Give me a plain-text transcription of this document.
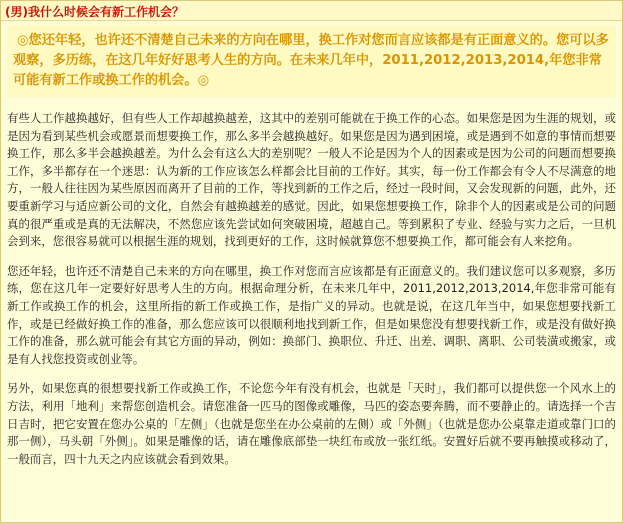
(男)我什么时候会有新工作机会？
◎您还年轻，也许还不清楚自己未来的方向在哪里，换工作对您而言应该都是有正面意义的。您可以多观察，多历练，在这几年好好思考人生的方向。在未来几年中，2011,2012,2013,2014,年您非常可能有新工作或换工作的机会。◎

有些人工作越换越好，但有些人工作却越换越差，这其中的差别可能就在于换工作的心态。如果您是因为生涯的规划，或是因为看到某些机会或愿景而想要换工作，那么多半会越换越好。如果您是因为遇到困境，或是遇到不如意的事情而想要换工作，那么多半会越换越差。为什么会有这么大的差别呢？一般人不论是因为个人的因素或是因为公司的问题而想要换工作，多半都存在一个迷思：认为新的工作应该怎么样都会比目前的工作好。其实，每一份工作都会有令人不尽满意的地方，一般人往往因为某些原因而离开了目前的工作，等找到新的工作之后，经过一段时间，又会发现新的问题，此外，还要重新学习与适应新公司的文化，自然会有越换越差的感觉。因此，如果您想要换工作，除非个人的因素或是公司的问题真的很严重或是真的无法解决，不然您应该先尝试如何突破困境，超越自己。等到累积了专业、经验与实力之后，一旦机会到来，您很容易就可以根据生涯的规划，找到更好的工作，这时候就算您不想要换工作，都可能会有人来挖角。

您还年轻，也许还不清楚自己未来的方向在哪里，换工作对您而言应该都是有正面意义的。我们建议您可以多观察，多历练，您在这几年一定要好好思考人生的方向。根据命理分析，在未来几年中，2011,2012,2013,2014,年您非常可能有新工作或换工作的机会，这里所指的新工作或换工作，是指广义的异动。也就是说，在这几年当中，如果您想要找新工作，或是已经做好换工作的准备，那么您应该可以很顺利地找到新工作，但是如果您没有想要找新工作，或是没有做好换工作的准备，那么就可能会有其它方面的异动，例如：换部门、换职位、升迁、出差、调职、离职、公司装潢或搬家，或是有人找您投资或创业等。

另外，如果您真的很想要找新工作或换工作，不论您今年有没有机会，也就是「天时」，我们都可以提供您一个风水上的方法，利用「地利」来帮您创造机会。请您准备一匹马的图像或雕像，马匹的姿态要奔腾，而不要静止的。请选择一个吉日吉时，把它安置在您办公桌的「左侧」（也就是您坐在办公桌前的左侧）或「外侧」（也就是您办公桌靠走道或靠门口的那一侧），马头朝「外侧」。如果是雕像的话，请在雕像底部垫一块红布或放一张红纸。安置好后就不要再触摸或移动了，一般而言，四十九天之内应该就会看到效果。
